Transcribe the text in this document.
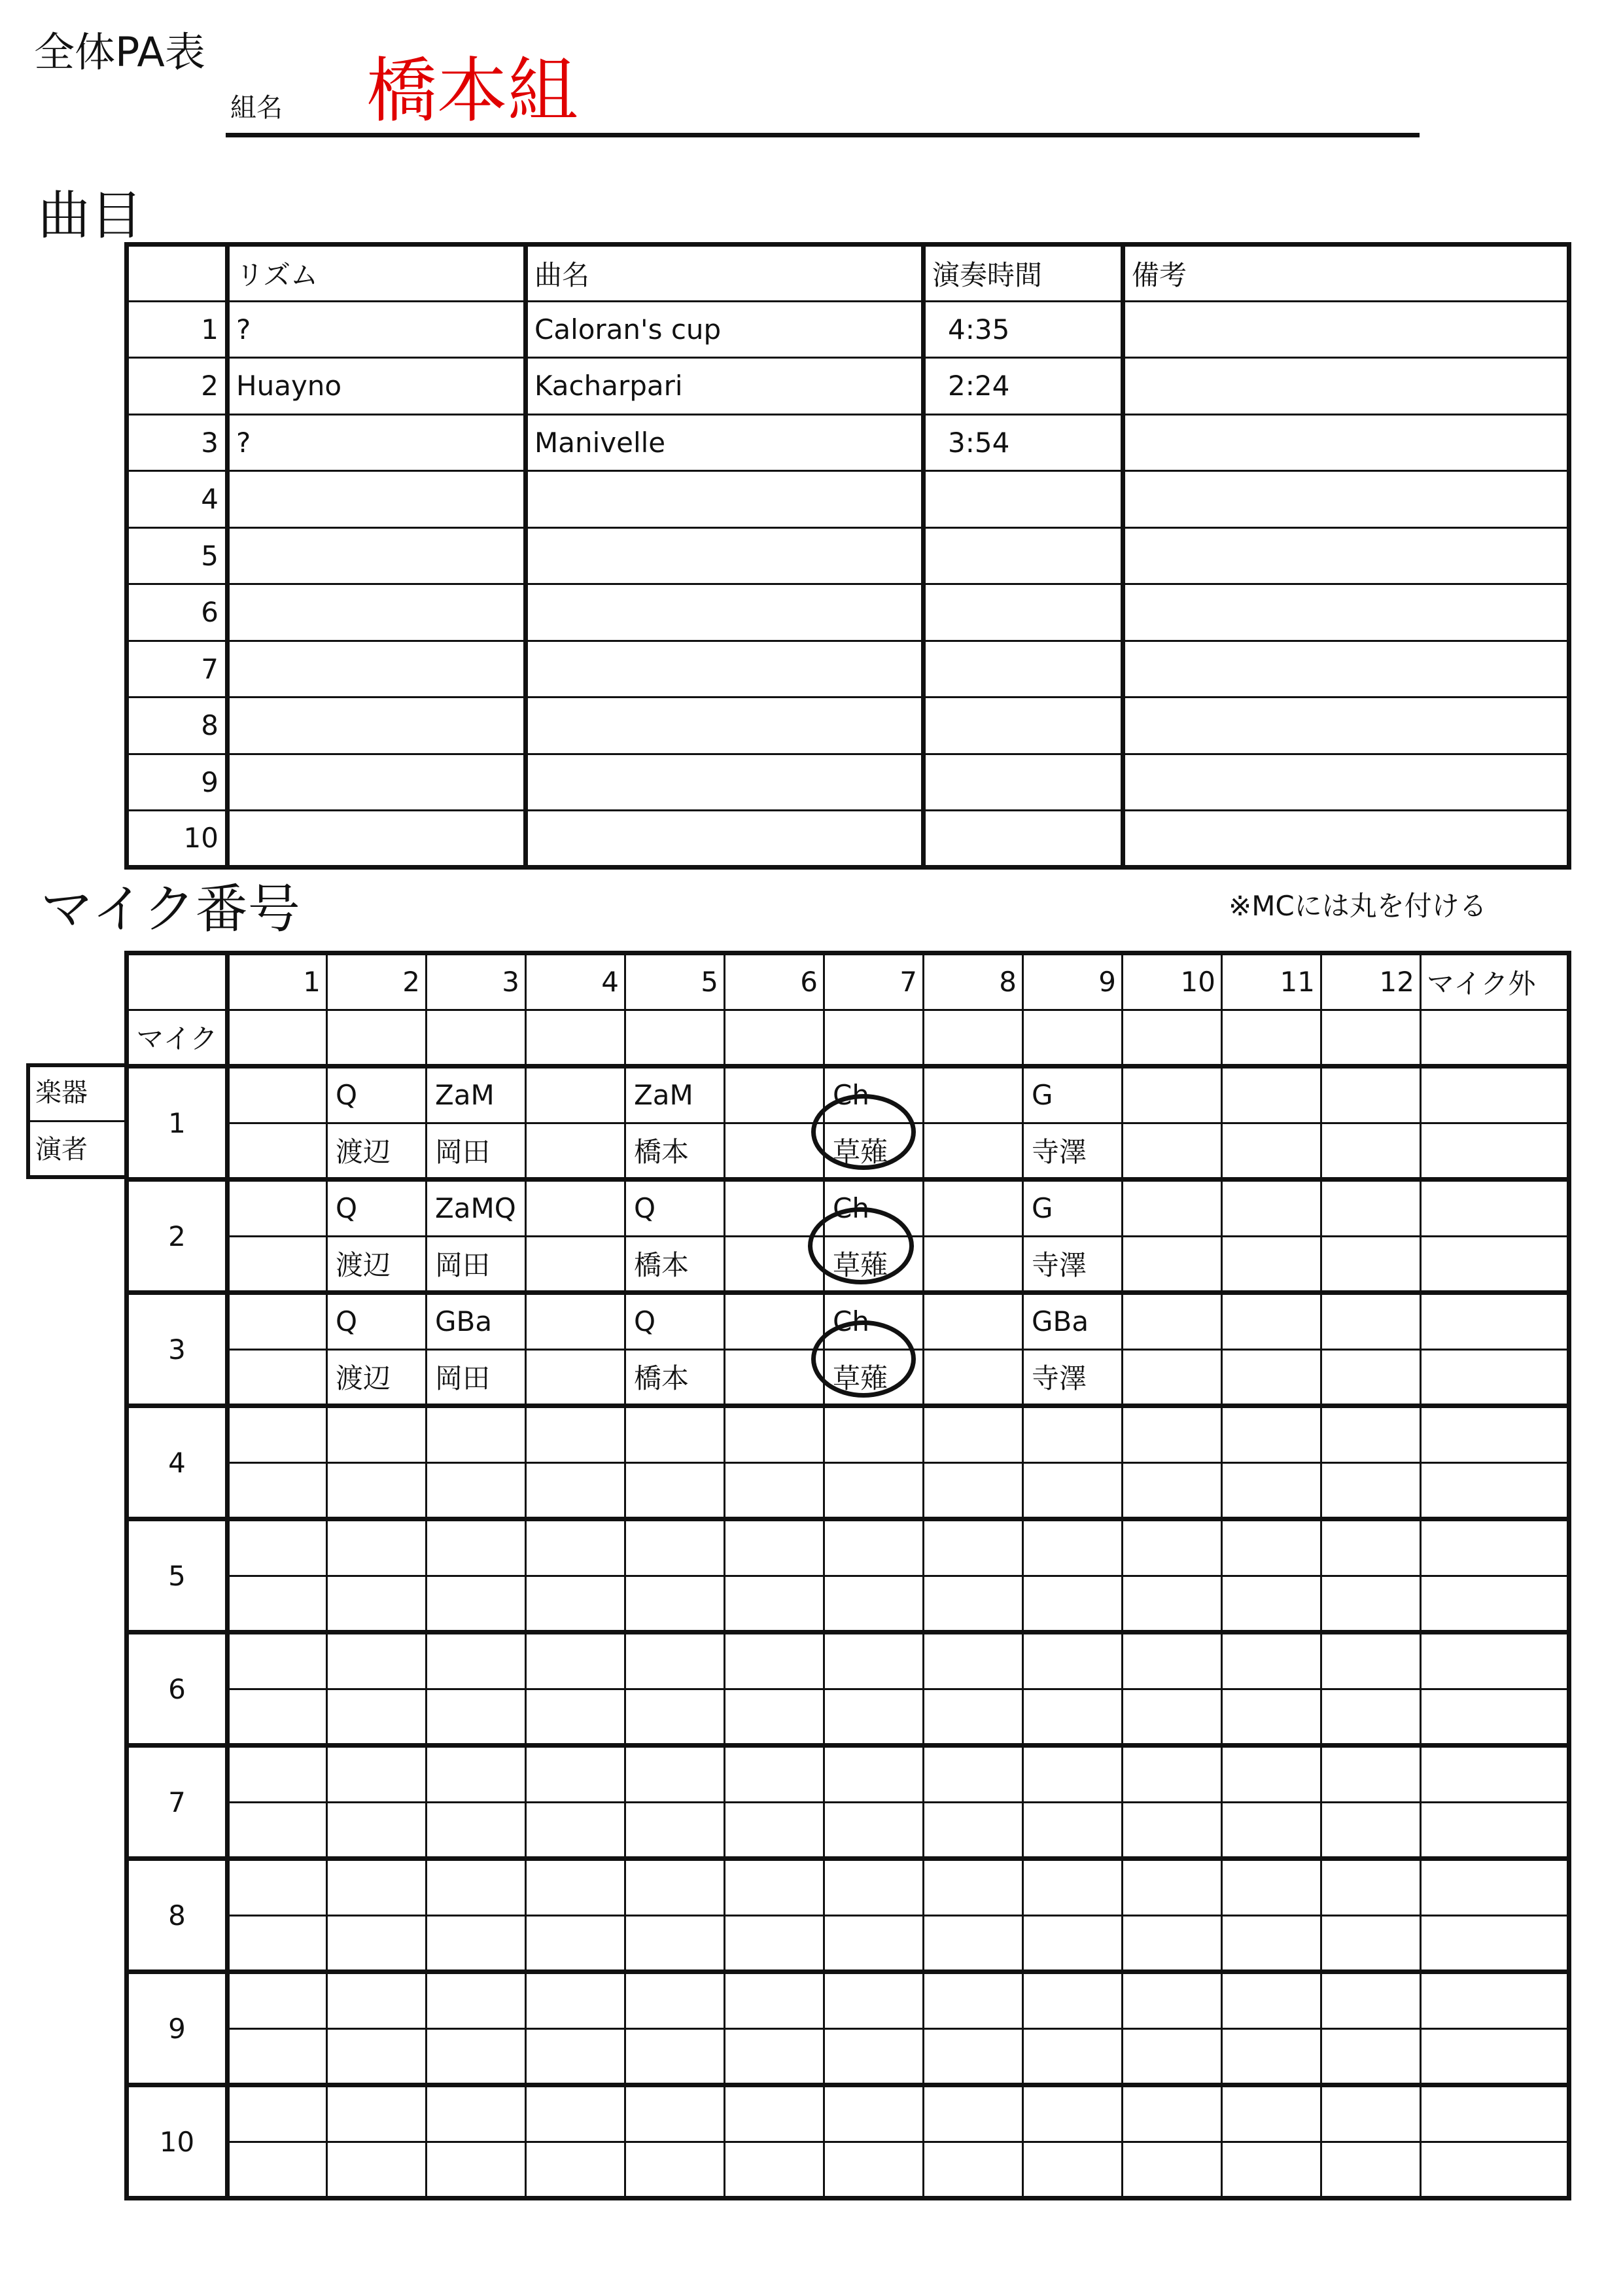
全体PA表
組名 橋本組
曲目
	リズム	曲名	演奏時間	備考
1	?	Caloran's cup	4:35	
2	Huayno	Kacharpari	2:24	
3	?	Manivelle	3:54	
4				
5				
6				
7				
8				
9				
10				
マイク番号	※MCには丸を付ける
楽器
演者
	1	2	3	4	5	6	7	8	9	10	11	12	マイク外
マイク													
1		Q	ZaM		ZaM		Ch		G				
		渡辺	岡田		橋本		草薙		寺澤				
2		Q	ZaMQ		Q		Ch		G				
		渡辺	岡田		橋本		草薙		寺澤				
3		Q	GBa		Q		Ch		GBa				
		渡辺	岡田		橋本		草薙		寺澤				
4													

5													

6													

7													

8													

9													

10													
